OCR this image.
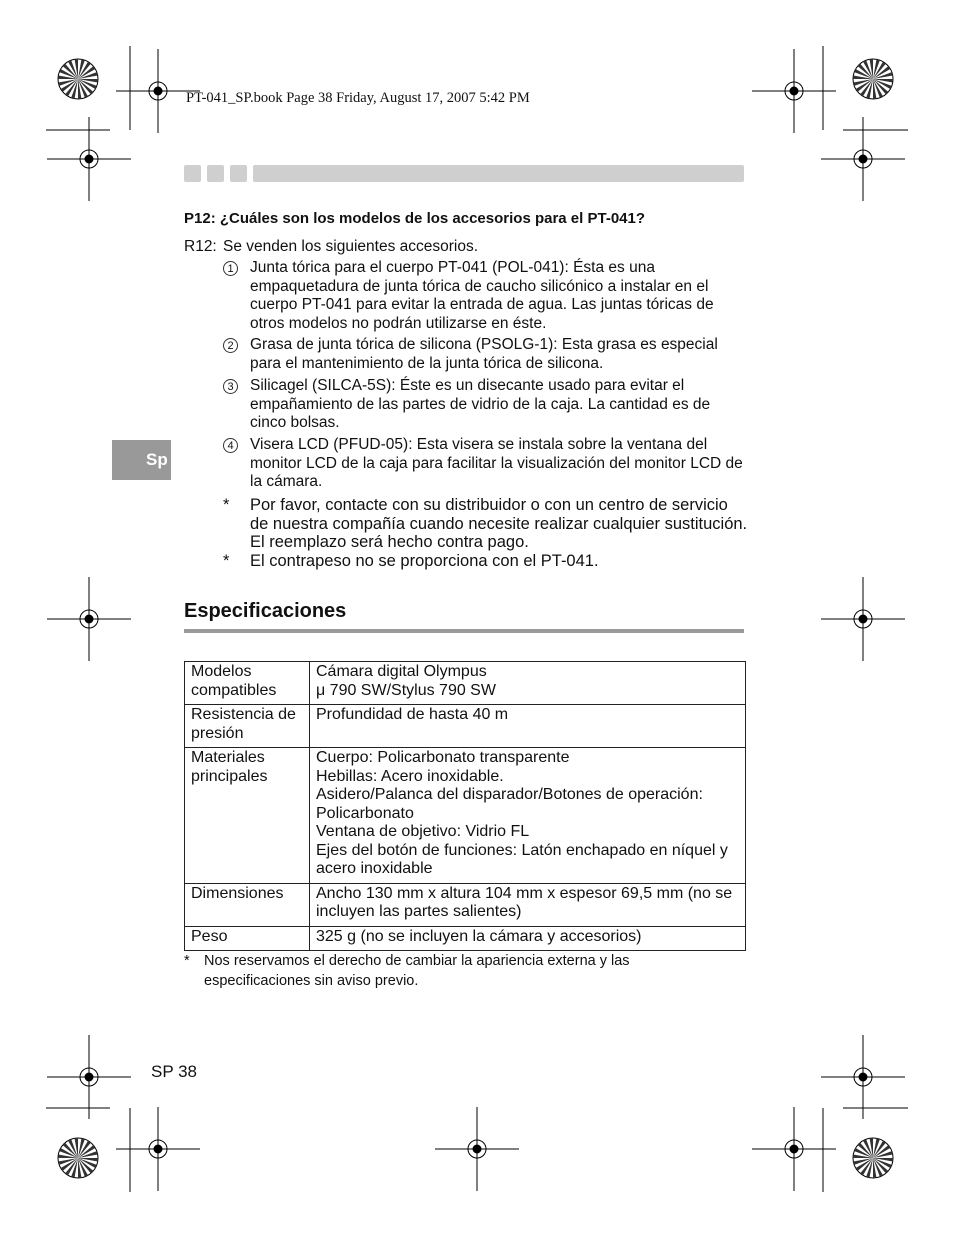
PT-041_SP.book Page 38 Friday, August 17, 2007 5:42 PM
P12: ¿Cuáles son los modelos de los accesorios para el PT-041?
R12: Se venden los siguientes accesorios.
1	Junta tórica para el cuerpo PT-041 (POL-041): Ésta es una empaquetadura de junta tórica de caucho silicónico a instalar en el cuerpo PT-041 para evitar la entrada de agua. Las juntas tóricas de otros modelos no podrán utilizarse en éste.
2	Grasa de junta tórica de silicona (PSOLG-1): Esta grasa es especial para el mantenimiento de la junta tórica de silicona.
3	Silicagel (SILCA-5S): Éste es un disecante usado para evitar el empañamiento de las partes de vidrio de la caja. La cantidad es de cinco bolsas.
4	Visera LCD (PFUD-05): Esta visera se instala sobre la ventana del monitor LCD de la caja para facilitar la visualización del monitor LCD de la cámara.
* Por favor, contacte con su distribuidor o con un centro de servicio de nuestra compañía cuando necesite realizar cualquier sustitución. El reemplazo será hecho contra pago.
* El contrapeso no se proporciona con el PT-041.
Sp
Especificaciones
Modelos compatibles	Cámara digital Olympus
μ 790 SW/Stylus 790 SW

Resistencia de presión	Profundidad de hasta 40 m

Materiales principales	Cuerpo: Policarbonato transparente
Hebillas: Acero inoxidable.
Asidero/Palanca del disparador/Botones de operación: Policarbonato
Ventana de objetivo: Vidrio FL
Ejes del botón de funciones: Latón enchapado en níquel y acero inoxidable

Dimensiones	Ancho 130 mm x altura 104 mm x espesor 69,5 mm (no se incluyen las partes salientes)

Peso	325 g (no se incluyen la cámara y accesorios)
* Nos reservamos el derecho de cambiar la apariencia externa y las especificaciones sin aviso previo.
SP 38
